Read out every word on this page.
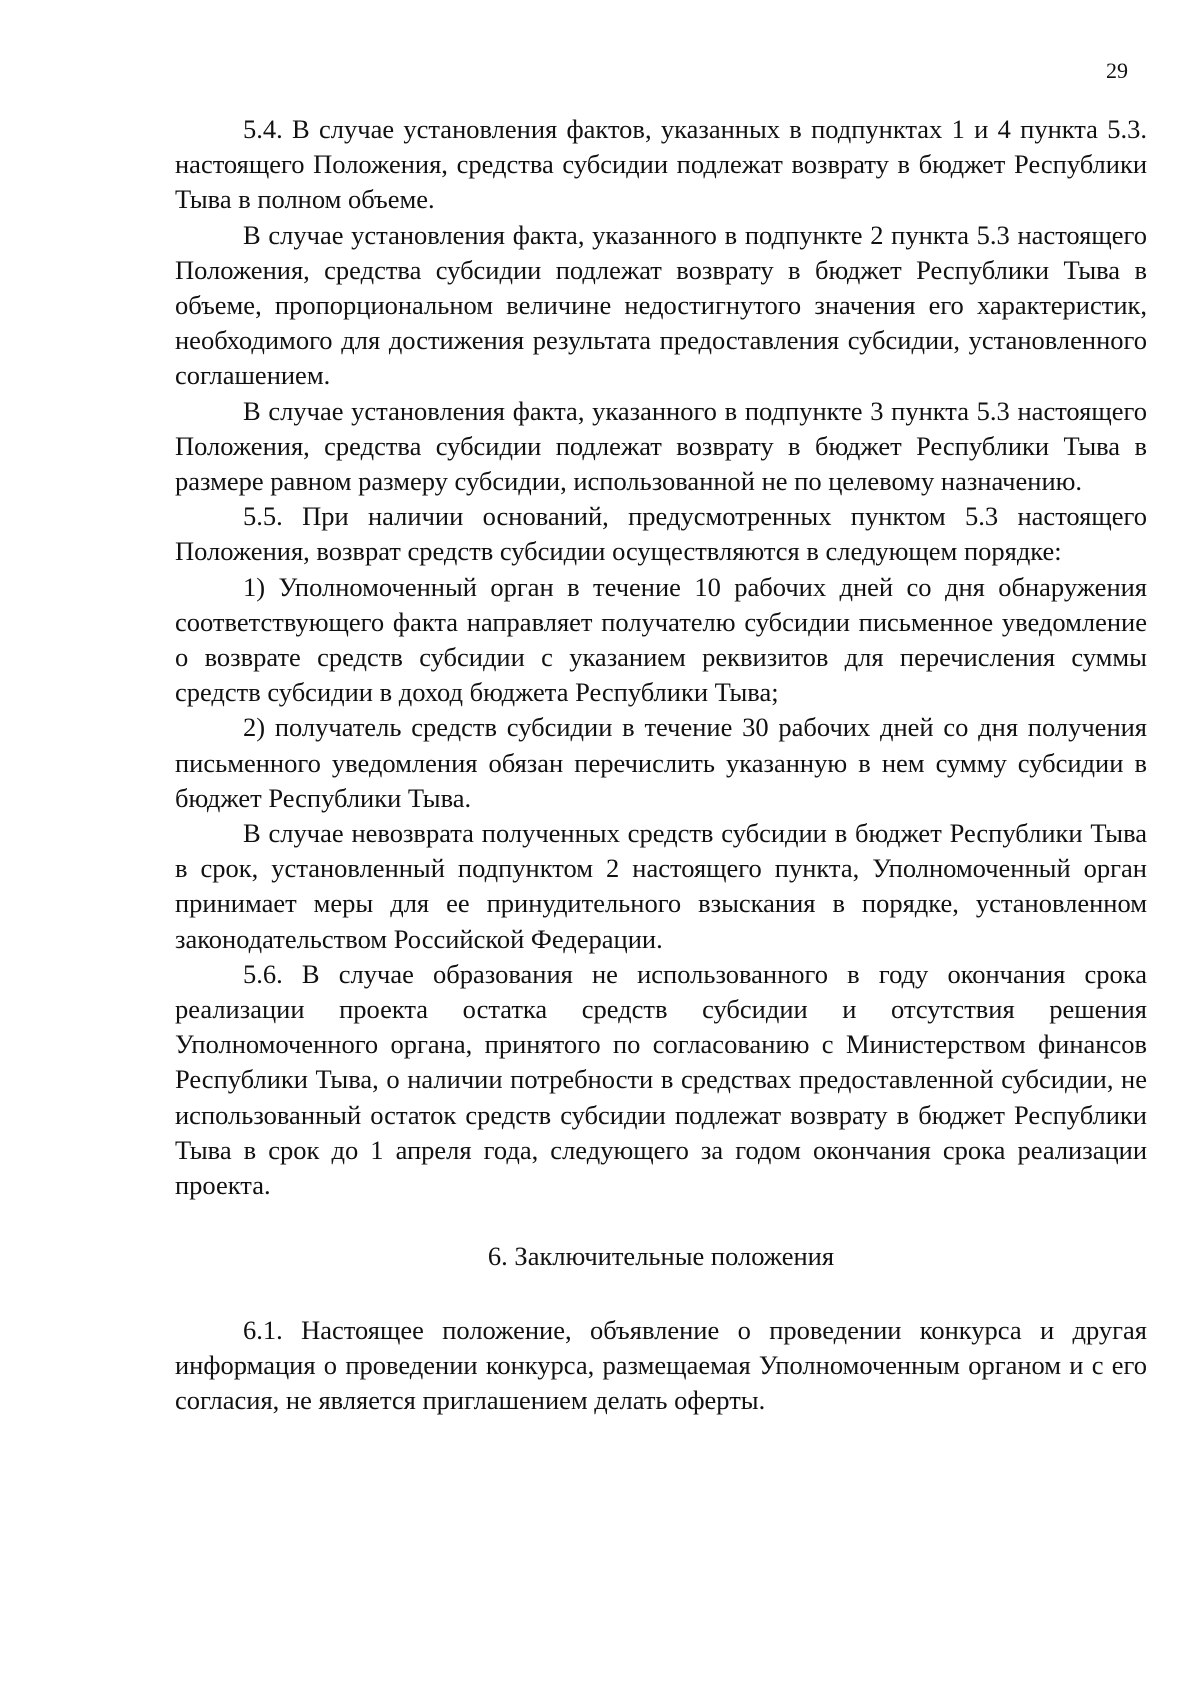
29

5.4. В случае установления фактов, указанных в подпунктах 1 и 4 пункта 5.3. настоящего Положения, средства субсидии подлежат возврату в бюджет Республики Тыва в полном объеме.

В случае установления факта, указанного в подпункте 2 пункта 5.3 настоящего Положения, средства субсидии подлежат возврату в бюджет Республики Тыва в объеме, пропорциональном величине недостигнутого значения его характеристик, необходимого для достижения результата предоставления субсидии, установленного соглашением.

В случае установления факта, указанного в подпункте 3 пункта 5.3 настоящего Положения, средства субсидии подлежат возврату в бюджет Республики Тыва в размере равном размеру субсидии, использованной не по целевому назначению.

5.5. При наличии оснований, предусмотренных пунктом 5.3 настоящего Положения, возврат средств субсидии осуществляются в следующем порядке:

1) Уполномоченный орган в течение 10 рабочих дней со дня обнаружения соответствующего факта направляет получателю субсидии письменное уведомление о возврате средств субсидии с указанием реквизитов для перечисления суммы средств субсидии в доход бюджета Республики Тыва;

2) получатель средств субсидии в течение 30 рабочих дней со дня получения письменного уведомления обязан перечислить указанную в нем сумму субсидии в бюджет Республики Тыва.

В случае невозврата полученных средств субсидии в бюджет Республики Тыва в срок, установленный подпунктом 2 настоящего пункта, Уполномоченный орган принимает меры для ее принудительного взыскания в порядке, установленном законодательством Российской Федерации.

5.6. В случае образования не использованного в году окончания срока реализации проекта остатка средств субсидии и отсутствия решения Уполномоченного органа, принятого по согласованию с Министерством финансов Республики Тыва, о наличии потребности в средствах предоставленной субсидии, не использованный остаток средств субсидии подлежат возврату в бюджет Республики Тыва в срок до 1 апреля года, следующего за годом окончания срока реализации проекта.

6. Заключительные положения

6.1. Настоящее положение, объявление о проведении конкурса и другая информация о проведении конкурса, размещаемая Уполномоченным органом и с его согласия, не является приглашением делать оферты.
